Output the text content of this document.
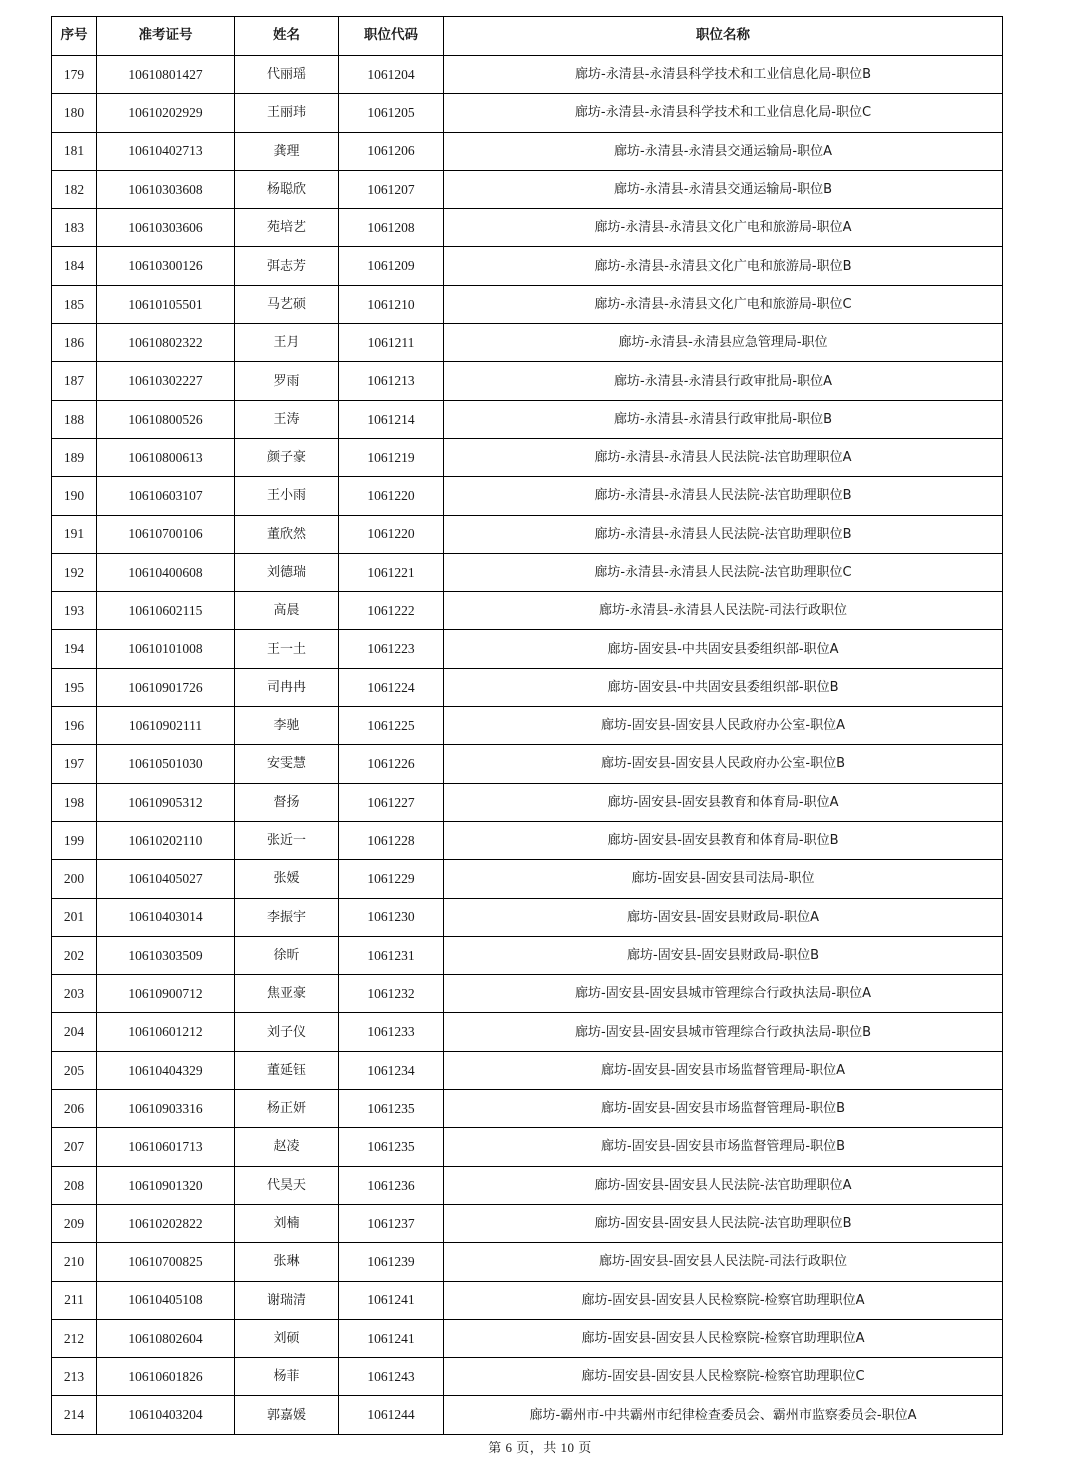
序号	准考证号	姓名	职位代码	职位名称
179	10610801427	代丽瑶	1061204	廊坊-永清县-永清县科学技术和工业信息化局-职位B
180	10610202929	王丽玮	1061205	廊坊-永清县-永清县科学技术和工业信息化局-职位C
181	10610402713	龚理	1061206	廊坊-永清县-永清县交通运输局-职位A
182	10610303608	杨聪欣	1061207	廊坊-永清县-永清县交通运输局-职位B
183	10610303606	苑培艺	1061208	廊坊-永清县-永清县文化广电和旅游局-职位A
184	10610300126	弭志芳	1061209	廊坊-永清县-永清县文化广电和旅游局-职位B
185	10610105501	马艺硕	1061210	廊坊-永清县-永清县文化广电和旅游局-职位C
186	10610802322	王月	1061211	廊坊-永清县-永清县应急管理局-职位
187	10610302227	罗雨	1061213	廊坊-永清县-永清县行政审批局-职位A
188	10610800526	王涛	1061214	廊坊-永清县-永清县行政审批局-职位B
189	10610800613	颜子豪	1061219	廊坊-永清县-永清县人民法院-法官助理职位A
190	10610603107	王小雨	1061220	廊坊-永清县-永清县人民法院-法官助理职位B
191	10610700106	董欣然	1061220	廊坊-永清县-永清县人民法院-法官助理职位B
192	10610400608	刘德瑞	1061221	廊坊-永清县-永清县人民法院-法官助理职位C
193	10610602115	高晨	1061222	廊坊-永清县-永清县人民法院-司法行政职位
194	10610101008	王一土	1061223	廊坊-固安县-中共固安县委组织部-职位A
195	10610901726	司冉冉	1061224	廊坊-固安县-中共固安县委组织部-职位B
196	10610902111	李驰	1061225	廊坊-固安县-固安县人民政府办公室-职位A
197	10610501030	安雯慧	1061226	廊坊-固安县-固安县人民政府办公室-职位B
198	10610905312	督扬	1061227	廊坊-固安县-固安县教育和体育局-职位A
199	10610202110	张近一	1061228	廊坊-固安县-固安县教育和体育局-职位B
200	10610405027	张媛	1061229	廊坊-固安县-固安县司法局-职位
201	10610403014	李振宇	1061230	廊坊-固安县-固安县财政局-职位A
202	10610303509	徐昕	1061231	廊坊-固安县-固安县财政局-职位B
203	10610900712	焦亚豪	1061232	廊坊-固安县-固安县城市管理综合行政执法局-职位A
204	10610601212	刘子仪	1061233	廊坊-固安县-固安县城市管理综合行政执法局-职位B
205	10610404329	董延钰	1061234	廊坊-固安县-固安县市场监督管理局-职位A
206	10610903316	杨正妍	1061235	廊坊-固安县-固安县市场监督管理局-职位B
207	10610601713	赵凌	1061235	廊坊-固安县-固安县市场监督管理局-职位B
208	10610901320	代昊天	1061236	廊坊-固安县-固安县人民法院-法官助理职位A
209	10610202822	刘楠	1061237	廊坊-固安县-固安县人民法院-法官助理职位B
210	10610700825	张琳	1061239	廊坊-固安县-固安县人民法院-司法行政职位
211	10610405108	谢瑞清	1061241	廊坊-固安县-固安县人民检察院-检察官助理职位A
212	10610802604	刘硕	1061241	廊坊-固安县-固安县人民检察院-检察官助理职位A
213	10610601826	杨菲	1061243	廊坊-固安县-固安县人民检察院-检察官助理职位C
214	10610403204	郭嘉媛	1061244	廊坊-霸州市-中共霸州市纪律检查委员会、霸州市监察委员会-职位A
第 6 页，共 10 页
